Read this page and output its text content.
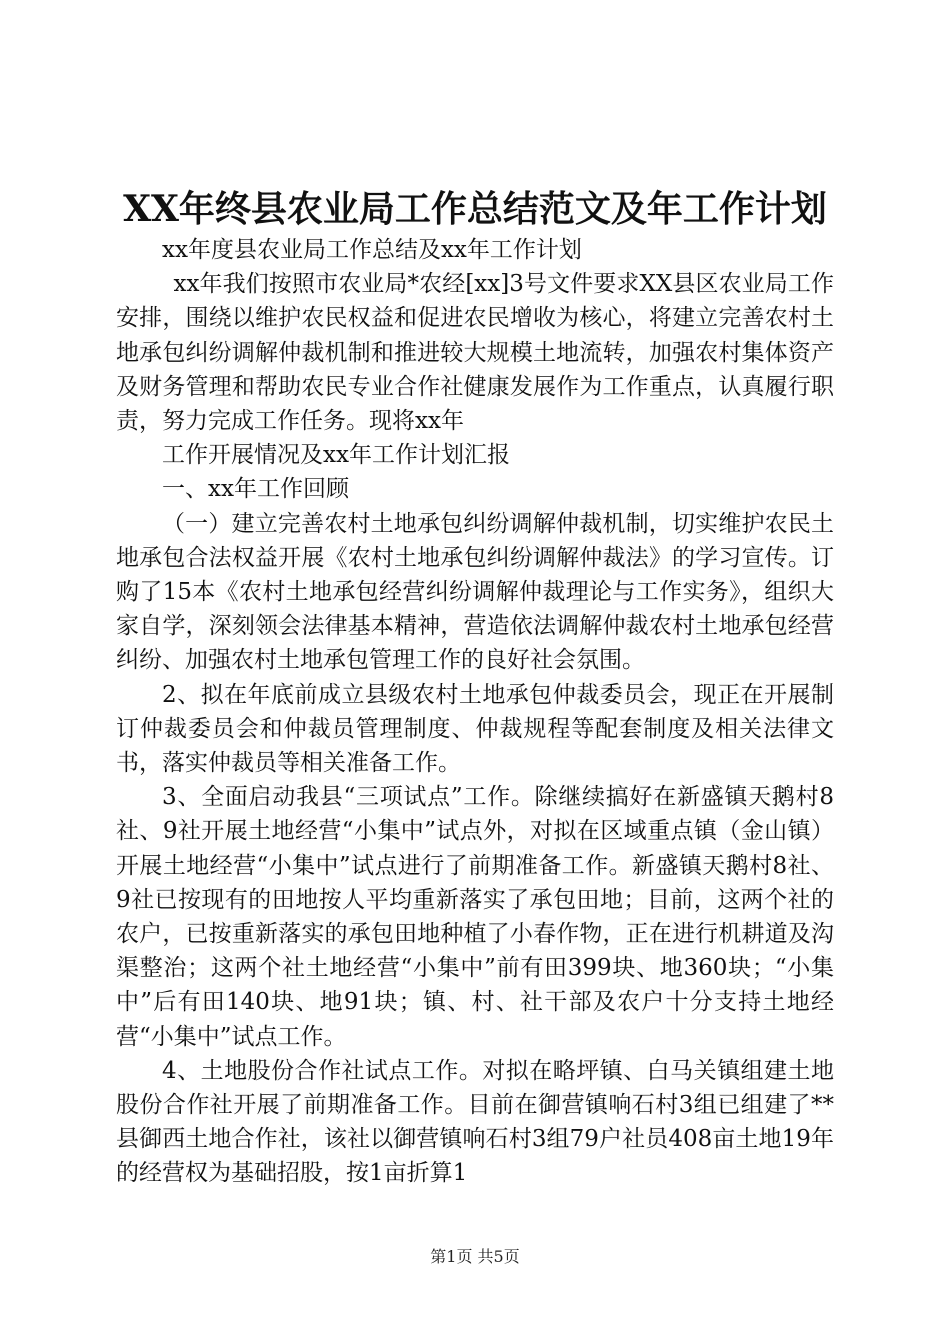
XX年终县农业局工作总结范文及年工作计划

xx年度县农业局工作总结及xx年工作计划

xx年我们按照市农业局*农经[xx]3号文件要求XX县区农业局工作安排，围绕以维护农民权益和促进农民增收为核心，将建立完善农村土地承包纠纷调解仲裁机制和推进较大规模土地流转，加强农村集体资产及财务管理和帮助农民专业合作社健康发展作为工作重点，认真履行职责，努力完成工作任务。现将xx年

工作开展情况及xx年工作计划汇报

一、xx年工作回顾

（一）建立完善农村土地承包纠纷调解仲裁机制，切实维护农民土地承包合法权益开展《农村土地承包纠纷调解仲裁法》的学习宣传。订购了15本《农村土地承包经营纠纷调解仲裁理论与工作实务》，组织大家自学，深刻领会法律基本精神，营造依法调解仲裁农村土地承包经营纠纷、加强农村土地承包管理工作的良好社会氛围。

2、拟在年底前成立县级农村土地承包仲裁委员会，现正在开展制订仲裁委员会和仲裁员管理制度、仲裁规程等配套制度及相关法律文书，落实仲裁员等相关准备工作。

3、全面启动我县“三项试点”工作。除继续搞好在新盛镇天鹅村8社、9社开展土地经营“小集中”试点外，对拟在区域重点镇（金山镇）开展土地经营“小集中”试点进行了前期准备工作。新盛镇天鹅村8社、9社已按现有的田地按人平均重新落实了承包田地；目前，这两个社的农户，已按重新落实的承包田地种植了小春作物，正在进行机耕道及沟渠整治；这两个社土地经营“小集中”前有田399块、地360块；“小集中”后有田140块、地91块；镇、村、社干部及农户十分支持土地经营“小集中”试点工作。

4、土地股份合作社试点工作。对拟在略坪镇、白马关镇组建土地股份合作社开展了前期准备工作。目前在御营镇响石村3组已组建了**县御西土地合作社，该社以御营镇响石村3组79户社员408亩土地19年的经营权为基础招股，按1亩折算1

第1页 共5页
